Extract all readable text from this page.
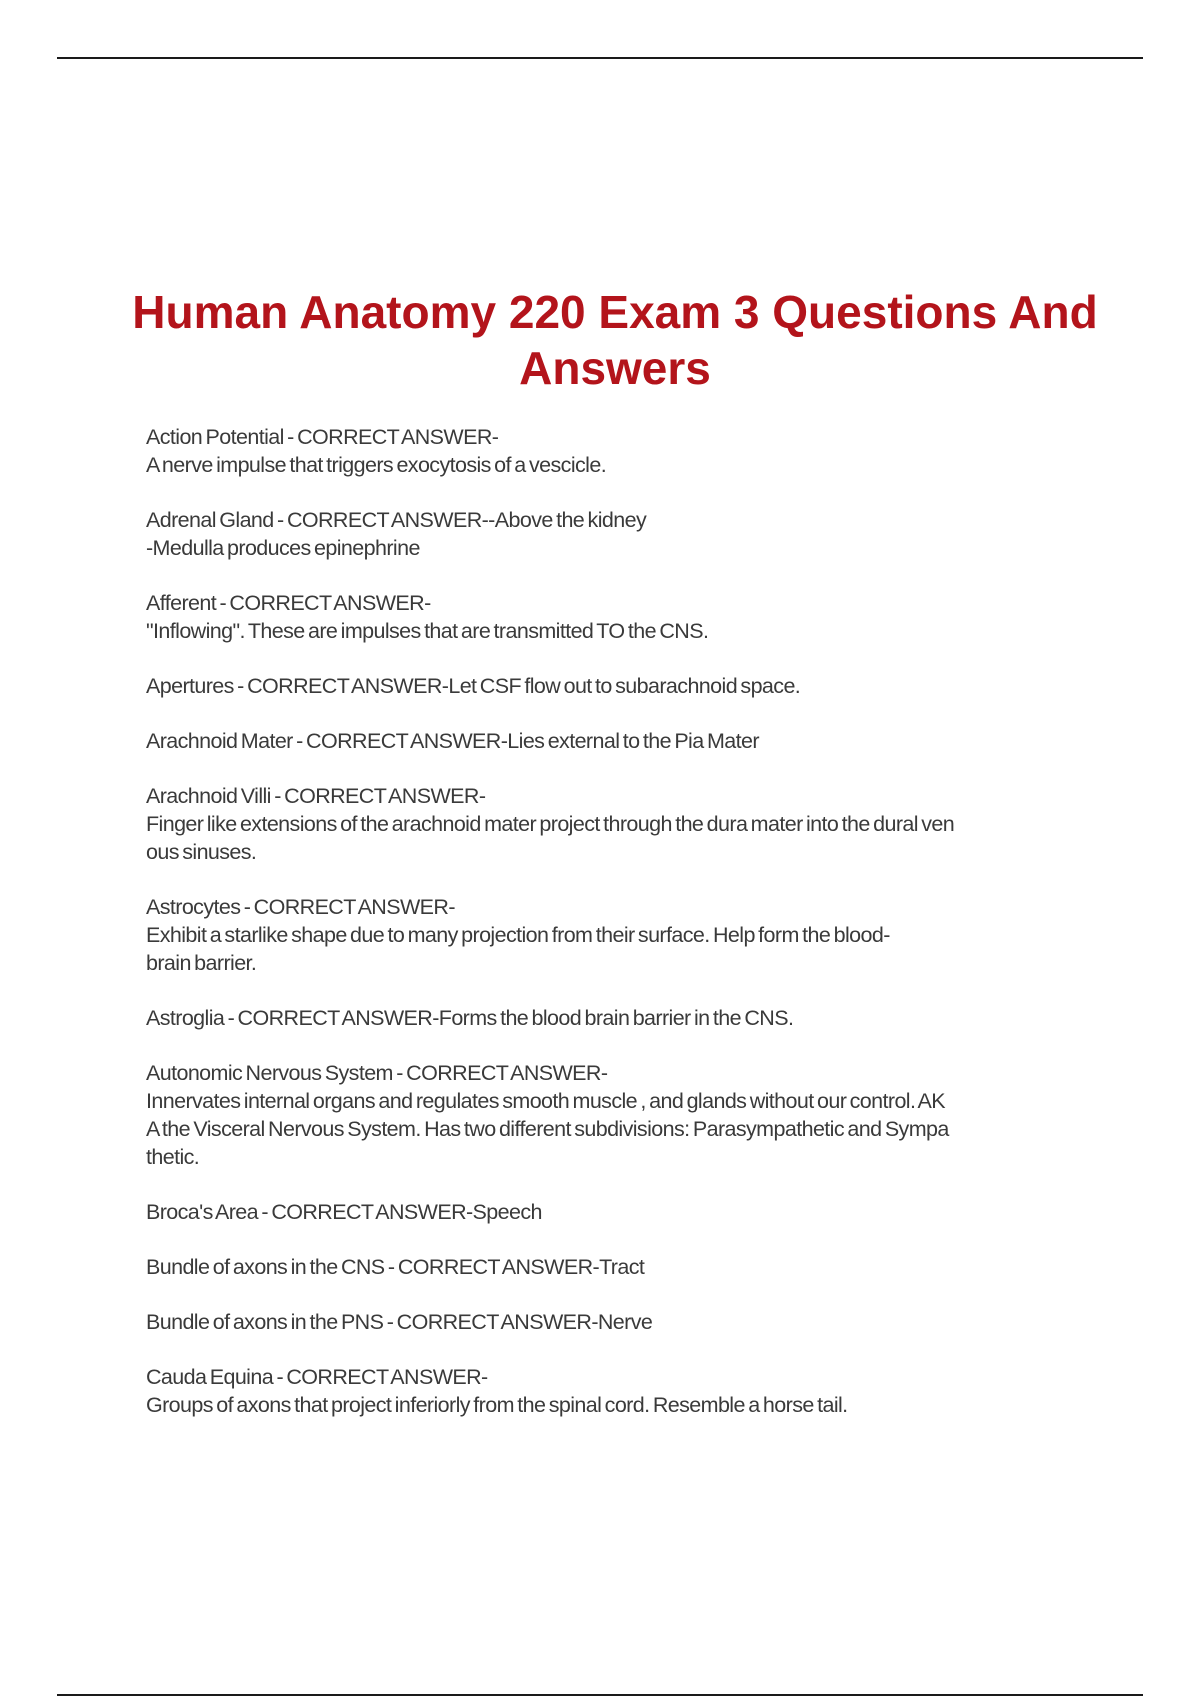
Human Anatomy 220 Exam 3 Questions And Answers

Action Potential - CORRECT ANSWER-
A nerve impulse that triggers exocytosis of a vescicle.

Adrenal Gland - CORRECT ANSWER--Above the kidney
-Medulla produces epinephrine

Afferent - CORRECT ANSWER-
"Inflowing". These are impulses that are transmitted TO the CNS.

Apertures - CORRECT ANSWER-Let CSF flow out to subarachnoid space.

Arachnoid Mater - CORRECT ANSWER-Lies external to the Pia Mater

Arachnoid Villi - CORRECT ANSWER-
Finger like extensions of the arachnoid mater project through the dura mater into the dural ven
ous sinuses.

Astrocytes - CORRECT ANSWER-
Exhibit a starlike shape due to many projection from their surface. Help form the blood-
brain barrier.

Astroglia - CORRECT ANSWER-Forms the blood brain barrier in the CNS.

Autonomic Nervous System - CORRECT ANSWER-
Innervates internal organs and regulates smooth muscle , and glands without our control. AK
A the Visceral Nervous System. Has two different subdivisions: Parasympathetic and Sympa
thetic.

Broca's Area - CORRECT ANSWER-Speech

Bundle of axons in the CNS - CORRECT ANSWER-Tract

Bundle of axons in the PNS - CORRECT ANSWER-Nerve

Cauda Equina - CORRECT ANSWER-
Groups of axons that project inferiorly from the spinal cord. Resemble a horse tail.
